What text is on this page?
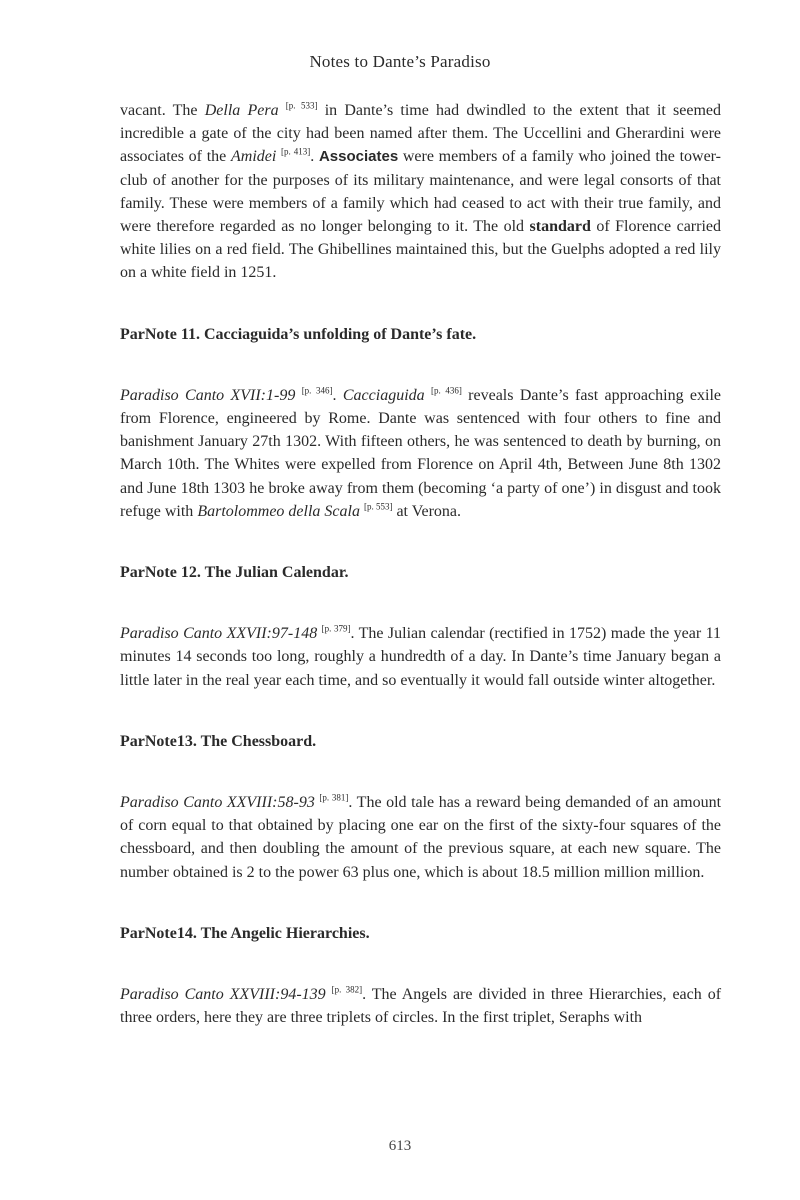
Notes to Dante’s Paradiso

vacant. The Della Pera [p. 533] in Dante’s time had dwindled to the extent that it seemed incredible a gate of the city had been named after them. The Uccellini and Gherardini were associates of the Amidei [p. 413]. Associates were members of a family who joined the tower-club of another for the purposes of its military maintenance, and were legal consorts of that family. These were members of a family which had ceased to act with their true family, and were therefore regarded as no longer belonging to it. The old standard of Florence carried white lilies on a red field. The Ghibellines maintained this, but the Guelphs adopted a red lily on a white field in 1251.

ParNote 11. Cacciaguida’s unfolding of Dante’s fate.

Paradiso Canto XVII:1-99 [p. 346]. Cacciaguida [p. 436] reveals Dante’s fast approaching exile from Florence, engineered by Rome. Dante was sentenced with four others to fine and banishment January 27th 1302. With fifteen others, he was sentenced to death by burning, on March 10th. The Whites were expelled from Florence on April 4th, Between June 8th 1302 and June 18th 1303 he broke away from them (becoming ‘a party of one’) in disgust and took refuge with Bartolommeo della Scala [p. 553] at Verona.

ParNote 12. The Julian Calendar.

Paradiso Canto XXVII:97-148 [p. 379]. The Julian calendar (rectified in 1752) made the year 11 minutes 14 seconds too long, roughly a hundredth of a day. In Dante’s time January began a little later in the real year each time, and so eventually it would fall outside winter altogether.

ParNote13. The Chessboard.

Paradiso Canto XXVIII:58-93 [p. 381]. The old tale has a reward being demanded of an amount of corn equal to that obtained by placing one ear on the first of the sixty-four squares of the chessboard, and then doubling the amount of the previous square, at each new square. The number obtained is 2 to the power 63 plus one, which is about 18.5 million million million.

ParNote14. The Angelic Hierarchies.

Paradiso Canto XXVIII:94-139 [p. 382]. The Angels are divided in three Hierarchies, each of three orders, here they are three triplets of circles. In the first triplet, Seraphs with

613
